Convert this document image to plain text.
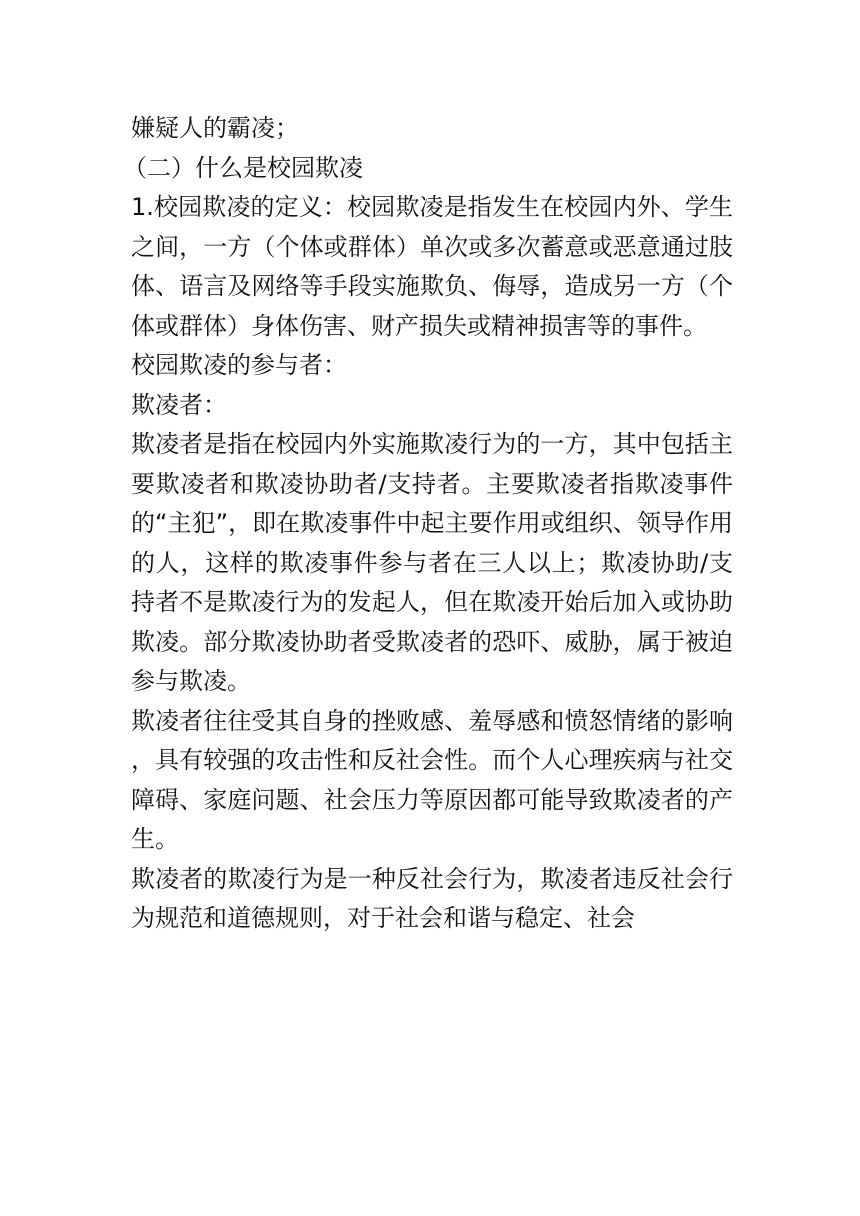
嫌疑人的霸凌；

（二）什么是校园欺凌

1.校园欺凌的定义：校园欺凌是指发生在校园内外、学生之间，一方（个体或群体）单次或多次蓄意或恶意通过肢体、语言及网络等手段实施欺负、侮辱，造成另一方（个体或群体）身体伤害、财产损失或精神损害等的事件。

校园欺凌的参与者：

欺凌者：

欺凌者是指在校园内外实施欺凌行为的一方，其中包括主要欺凌者和欺凌协助者/支持者。主要欺凌者指欺凌事件的“主犯”，即在欺凌事件中起主要作用或组织、领导作用的人，这样的欺凌事件参与者在三人以上；欺凌协助/支持者不是欺凌行为的发起人，但在欺凌开始后加入或协助欺凌。部分欺凌协助者受欺凌者的恐吓、威胁，属于被迫参与欺凌。

欺凌者往往受其自身的挫败感、羞辱感和愤怒情绪的影响，具有较强的攻击性和反社会性。而个人心理疾病与社交障碍、家庭问题、社会压力等原因都可能导致欺凌者的产生。

欺凌者的欺凌行为是一种反社会行为，欺凌者违反社会行为规范和道德规则，对于社会和谐与稳定、社会
